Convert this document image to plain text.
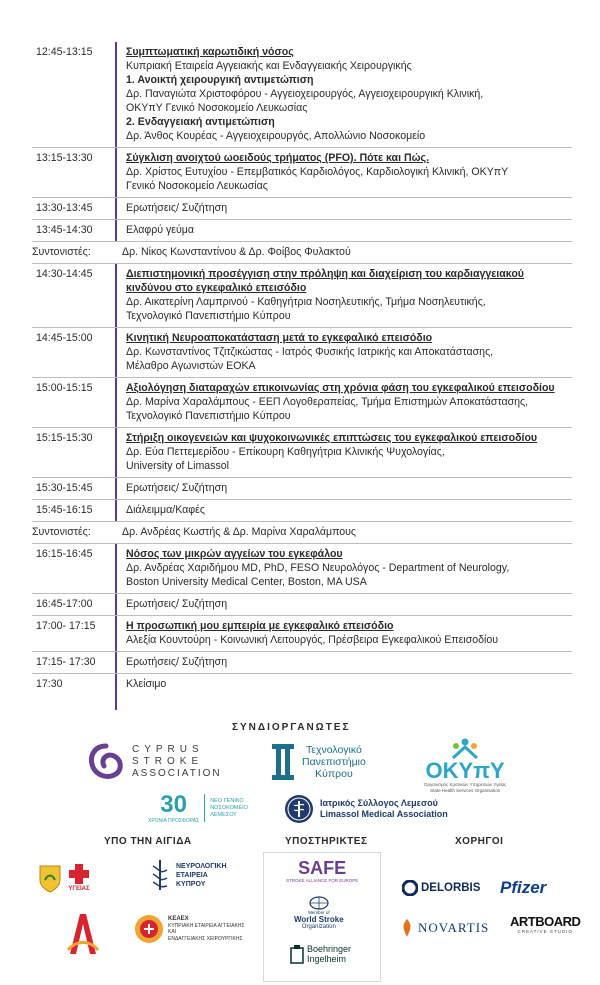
12:45-13:15	Συμπτωματική καρωτιδική νόσος
Κυπριακή Εταιρεία Αγγειακής και Ενδαγγειακής Χειρουργικής
1. Ανοικτή χειρουργική αντιμετώπιση
Δρ. Παναγιώτα Χριστοφόρου - Αγγειοχειρουργός, Αγγειοχειρουργική Κλινική,
ΟΚΥπΥ Γενικό Νοσοκομείο Λευκωσίας
2. Ενδαγγειακή αντιμετώπιση
Δρ. Άνθος Κουρέας - Αγγειοχειρουργός, Απολλώνιο Νοσοκομείο
13:15-13:30	Σύγκλιση ανοιχτού ωοειδούς τρήματος (PFO). Πότε και Πώς.
Δρ. Χρίστος Ευτυχίου - Επεμβατικός Καρδιολόγος, Καρδιολογική Κλινική, ΟΚΥπΥ
Γενικό Νοσοκομείο Λευκωσίας
13:30-13:45	Ερωτήσεις/ Συζήτηση
13:45-14:30	Ελαφρύ γεύμα
Συντονιστές:	Δρ. Νίκος Κωνσταντίνου & Δρ. Φοίβος Φυλακτού
14:30-14:45	Διεπιστημονική προσέγγιση στην πρόληψη και διαχείριση του καρδιαγγειακού κινδύνου στο εγκεφαλικό επεισόδιο
Δρ. Αικατερίνη Λαμπρινού - Καθηγήτρια Νοσηλευτικής, Τμήμα Νοσηλευτικής,
Τεχνολογικό Πανεπιστήμιο Κύπρου
14:45-15:00	Κινητική Νευροαποκατάσταση μετά το εγκεφαλικό επεισόδιο
Δρ. Κωνσταντίνος Τζιτζικώστας - Ιατρός Φυσικής Ιατρικής και Αποκατάστασης,
Μέλαθρο Αγωνιστών ΕΟΚΑ
15:00-15:15	Αξιολόγηση διαταραχών επικοινωνίας στη χρόνια φάση του εγκεφαλικού επεισοδίου
Δρ. Μαρίνα Χαραλάμπους - ΕΕΠ Λογοθεραπείας, Τμήμα Επιστημών Αποκατάστασης,
Τεχνολογικό Πανεπιστήμιο Κύπρου
15:15-15:30	Στήριξη οικογενειών και ψυχοκοινωνικές επιπτώσεις του εγκεφαλικού επεισοδίου
Δρ. Εύα Πεττεμερίδου - Επίκουρη Καθηγήτρια Κλινικής Ψυχολογίας,
University of Limassol
15:30-15:45	Ερωτήσεις/ Συζήτηση
15:45-16:15	Διάλειμμα/Καφές
Συντονιστές:	Δρ. Ανδρέας Κωστής & Δρ. Μαρίνα Χαραλάμπους
16:15-16:45	Νόσος των μικρών αγγείων του εγκεφάλου
Δρ. Ανδρέας Χαριδήμου MD, PhD, FESO Νευρολόγος - Department of Neurology,
Boston University Medical Center, Boston, MA USA
16:45-17:00	Ερωτήσεις/ Συζήτηση
17:00- 17:15	Η προσωπική μου εμπειρία με εγκεφαλικό επεισόδιο
Αλεξία Κουντούρη - Κοινωνική Λειτουργός, Πρέσβειρα Εγκεφαλικού Επεισοδίου
17:15- 17:30	Ερωτήσεις/ Συζήτηση
17:30	Κλείσιμο
ΣΥΝΔΙΟΡΓΑΝΩΤΕΣ
CYPRUS
STROKE
ASSOCIATION
Τεχνολογικό
Πανεπιστήμιο
Κύπρου	OKYπY
Οργανισμός Κρατικών Υπηρεσιών Υγείας
State Health Services Organisation
30
ΧΡΟΝΙΑ ΠΡΟΣΦΟΡΑΣ
ΝΕΟ ΓΕΝΙΚΟ
ΝΟΣΟΚΟΜΕΙΟ
ΛΕΜΕΣΟΥ
Ιατρικός Σύλλογος Λεμεσού
Limassol Medical Association
ΥΠΟ ΤΗΝ ΑΙΓΙΔΑ	ΥΠΟΣΤΗΡΙΚΤΕΣ	ΧΟΡΗΓΟΙ
ΥΓΕΙΑΣ
ΝΕΥΡΟΛΟΓΙΚΗ
ΕΤΑΙΡΕΙΑ
ΚΥΠΡΟΥ
ΚΕΑΕΧ
ΚΥΠΡΙΑΚΗ ΕΤΑΙΡΕΙΑ ΑΓΓΕΙΑΚΗΣ
ΚΑΙ
ΕΝΔΑΓΓΕΙΑΚΗΣ ΧΕΙΡΟΥΡΓΙΚΗΣ
SAFE
STROKE ALLIANCE FOR EUROPE
Member of
World Stroke
Organization
Boehringer
Ingelheim
DELORBIS Pfizer
NOVARTIS ARTBOARD
CREATIVE STUDIO
